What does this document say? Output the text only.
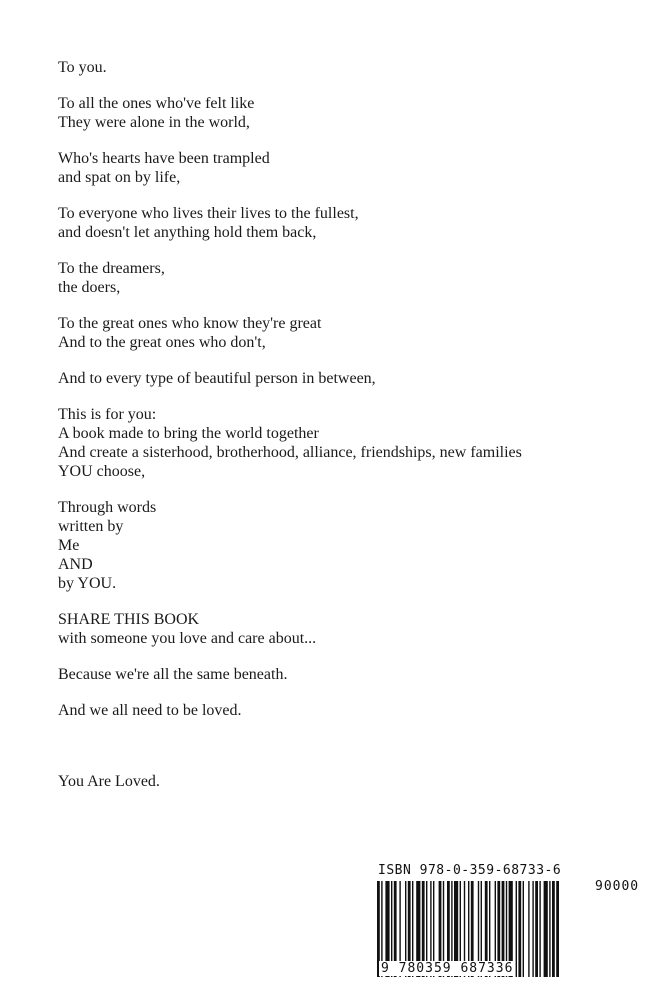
To you.
To all the ones who've felt like
They were alone in the world,
Who's hearts have been trampled
and spat on by life,
To everyone who lives their lives to the fullest,
and doesn't let anything hold them back,
To the dreamers,
the doers,
To the great ones who know they're great
And to the great ones who don't,
And to every type of beautiful person in between,
This is for you:
A book made to bring the world together
And create a sisterhood, brotherhood, alliance, friendships, new families
YOU choose,
Through words
written by
Me
AND
by YOU.
SHARE THIS BOOK
with someone you love and care about...
Because we're all the same beneath.
And we all need to be loved.
You Are Loved.
ISBN 978-0-359-68733-6
90000
9 780359 687336
